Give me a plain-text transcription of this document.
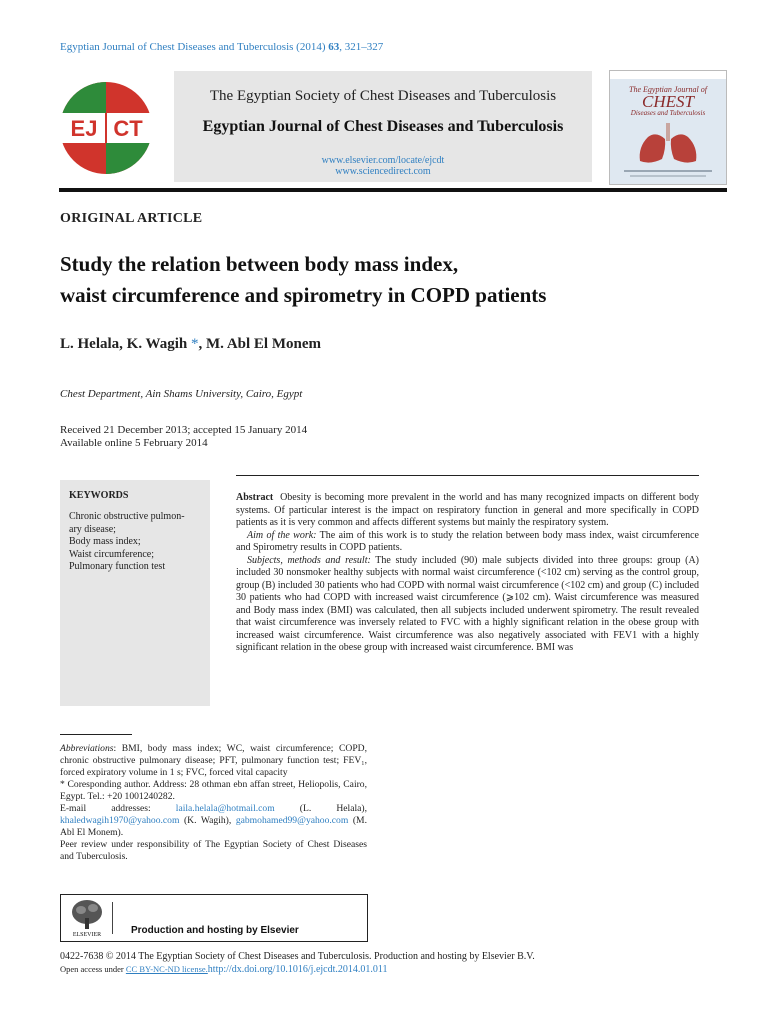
Egyptian Journal of Chest Diseases and Tuberculosis (2014) 63, 321–327
EJ CT
The Egyptian Society of Chest Diseases and Tuberculosis
Egyptian Journal of Chest Diseases and Tuberculosis
www.elsevier.com/locate/ejcdt
www.sciencedirect.com
The Egyptian Journal of
CHEST
Diseases and Tuberculosis
ORIGINAL ARTICLE
Study the relation between body mass index,
waist circumference and spirometry in COPD patients
L. Helala, K. Wagih *, M. Abl El Monem
Chest Department, Ain Shams University, Cairo, Egypt
Received 21 December 2013; accepted 15 January 2014
Available online 5 February 2014
KEYWORDS
Chronic obstructive pulmon-
ary disease;
Body mass index;
Waist circumference;
Pulmonary function test

Abstract Obesity is becoming more prevalent in the world and has many recognized impacts on different body systems. Of particular interest is the impact on respiratory function in general and more specifically in COPD patients as it is very common and affects different systems but mainly the respiratory system.

Aim of the work: The aim of this work is to study the relation between body mass index, waist circumference and Spirometry results in COPD patients.

Subjects, methods and result: The study included (90) male subjects divided into three groups: group (A) included 30 nonsmoker healthy subjects with normal waist circumference (<102 cm) serving as the control group, group (B) included 30 patients who had COPD with normal waist circumference (<102 cm) and group (C) included 30 patients who had COPD with increased waist circumference (⩾102 cm). Waist circumference was measured and Body mass index (BMI) was calculated, then all subjects included underwent spirometry. The result revealed that waist circumference was inversely related to FVC with a highly significant relation in the obese group with increased waist circumference. Waist circumference was also negatively associated with FEV1 with a highly significant relation in the obese group with increased waist circumference. BMI was

Abbreviations: BMI, body mass index; WC, waist circumference; COPD, chronic obstructive pulmonary disease; PFT, pulmonary function test; FEV₁, forced expiratory volume in 1 s; FVC, forced vital capacity

* Coresponding author. Address: 28 othman ebn affan street, Heliopolis, Cairo, Egypt. Tel.: +20 1001240282.

E-mail addresses: laila.helala@hotmail.com (L. Helala), khaledwagih1970@yahoo.com (K. Wagih), gabmohamed99@yahoo.com (M. Abl El Monem).

Peer review under responsibility of The Egyptian Society of Chest Diseases and Tuberculosis.

ELSEVIER	Production and hosting by Elsevier
0422-7638 © 2014 The Egyptian Society of Chest Diseases and Tuberculosis. Production and hosting by Elsevier B.V.
Open access under CC BY-NC-ND license.http://dx.doi.org/10.1016/j.ejcdt.2014.01.011
